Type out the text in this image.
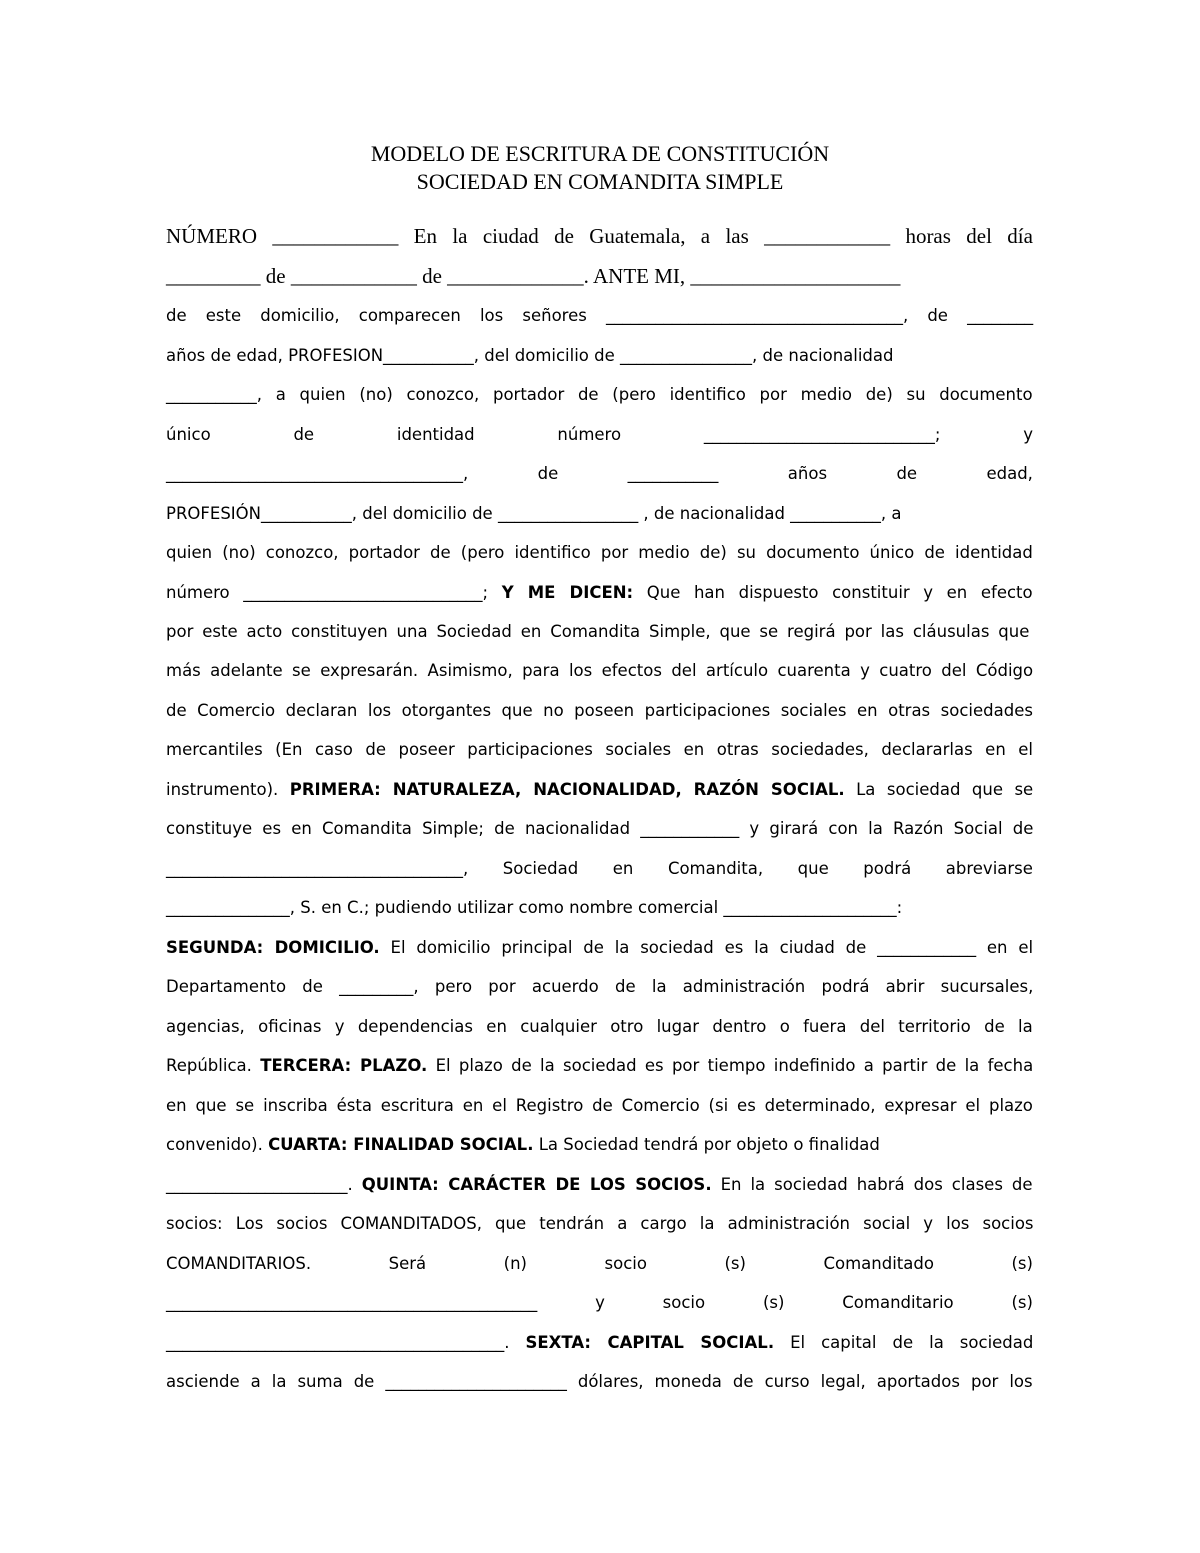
MODELO DE ESCRITURA DE CONSTITUCIÓN
SOCIEDAD EN COMANDITA SIMPLE
NÚMERO ____________ En la ciudad de Guatemala, a las ____________ horas del día
_________ de ____________ de _____________. ANTE MI, ____________________
de este domicilio, comparecen los señores ____________________________________, de ________
años de edad, PROFESION___________, del domicilio de ________________, de nacionalidad
___________, a quien (no) conozco, portador de (pero identifico por medio de) su documento
único	de	identidad	número	____________________________;	y
____________________________________,	de	___________	años	de	edad,
PROFESIÓN___________, del domicilio de _________________ , de nacionalidad ___________, a
quien (no) conozco, portador de (pero identifico por medio de) su documento único de identidad
número _____________________________; Y ME DICEN: Que han dispuesto constituir y en efecto
por este acto constituyen una Sociedad en Comandita Simple, que se regirá por las cláusulas que
más adelante se expresarán. Asimismo, para los efectos del artículo cuarenta y cuatro del Código
de Comercio declaran los otorgantes que no poseen participaciones sociales en otras sociedades
mercantiles (En caso de poseer participaciones sociales en otras sociedades, declararlas en el
instrumento). PRIMERA: NATURALEZA, NACIONALIDAD, RAZÓN SOCIAL. La sociedad que se
constituye es en Comandita Simple; de nacionalidad ____________ y girará con la Razón Social de
____________________________________, Sociedad en Comandita, que podrá abreviarse
_______________, S. en C.; pudiendo utilizar como nombre comercial _____________________:
SEGUNDA: DOMICILIO. El domicilio principal de la sociedad es la ciudad de ____________ en el
Departamento de _________, pero por acuerdo de la administración podrá abrir sucursales,
agencias, oficinas y dependencias en cualquier otro lugar dentro o fuera del territorio de la
República. TERCERA: PLAZO. El plazo de la sociedad es por tiempo indefinido a partir de la fecha
en que se inscriba ésta escritura en el Registro de Comercio (si es determinado, expresar el plazo
convenido). CUARTA: FINALIDAD SOCIAL. La Sociedad tendrá por objeto o finalidad
______________________. QUINTA: CARÁCTER DE LOS SOCIOS. En la sociedad habrá dos clases de
socios: Los socios COMANDITADOS, que tendrán a cargo la administración social y los socios
COMANDITARIOS.	Será	(n)	socio	(s)	Comanditado	(s)
_____________________________________________	y	socio	(s)	Comanditario	(s)
_________________________________________. SEXTA: CAPITAL SOCIAL. El capital de la sociedad
asciende a la suma de ______________________ dólares, moneda de curso legal, aportados por los
